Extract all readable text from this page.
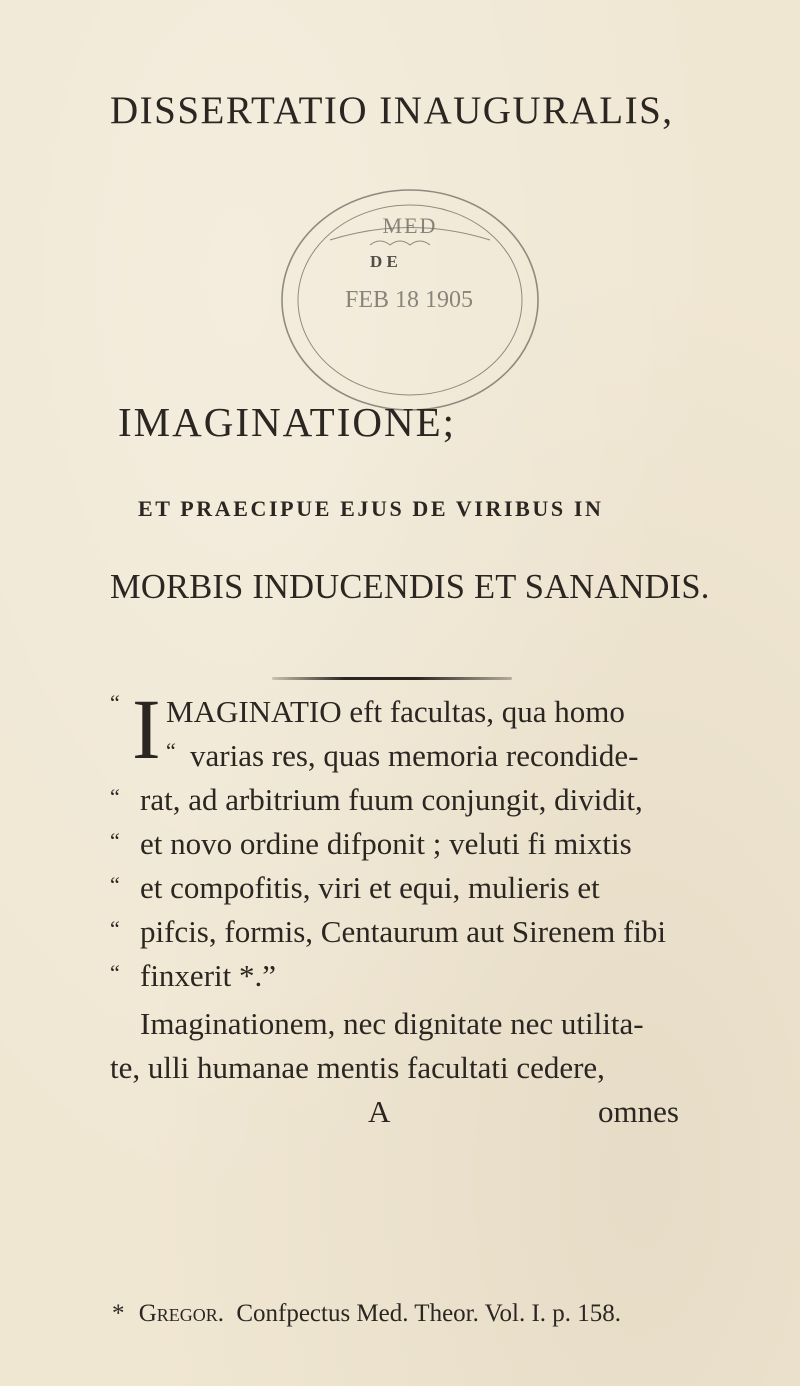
DISSERTATIO INAUGURALIS,
MED
D E
FEB 18 1905
IMAGINATIONE;
ET PRAECIPUE EJUS DE VIRIBUS IN
MORBIS INDUCENDIS ET SANANDIS.
“ I MAGINATIO eft facultas, qua homo
“ varias res, quas memoria recondide-
“ rat, ad arbitrium fuum conjungit, dividit,
“ et novo ordine difponit ; veluti fi mixtis
“ et compofitis, viri et equi, mulieris et
“ pifcis, formis, Centaurum aut Sirenem fibi
“ finxerit *.”
Imaginationem, nec dignitate nec utilita-
te, ulli humanae mentis facultati cedere,
A	omnes
* Gregor. Confpectus Med. Theor. Vol. I. p. 158.
